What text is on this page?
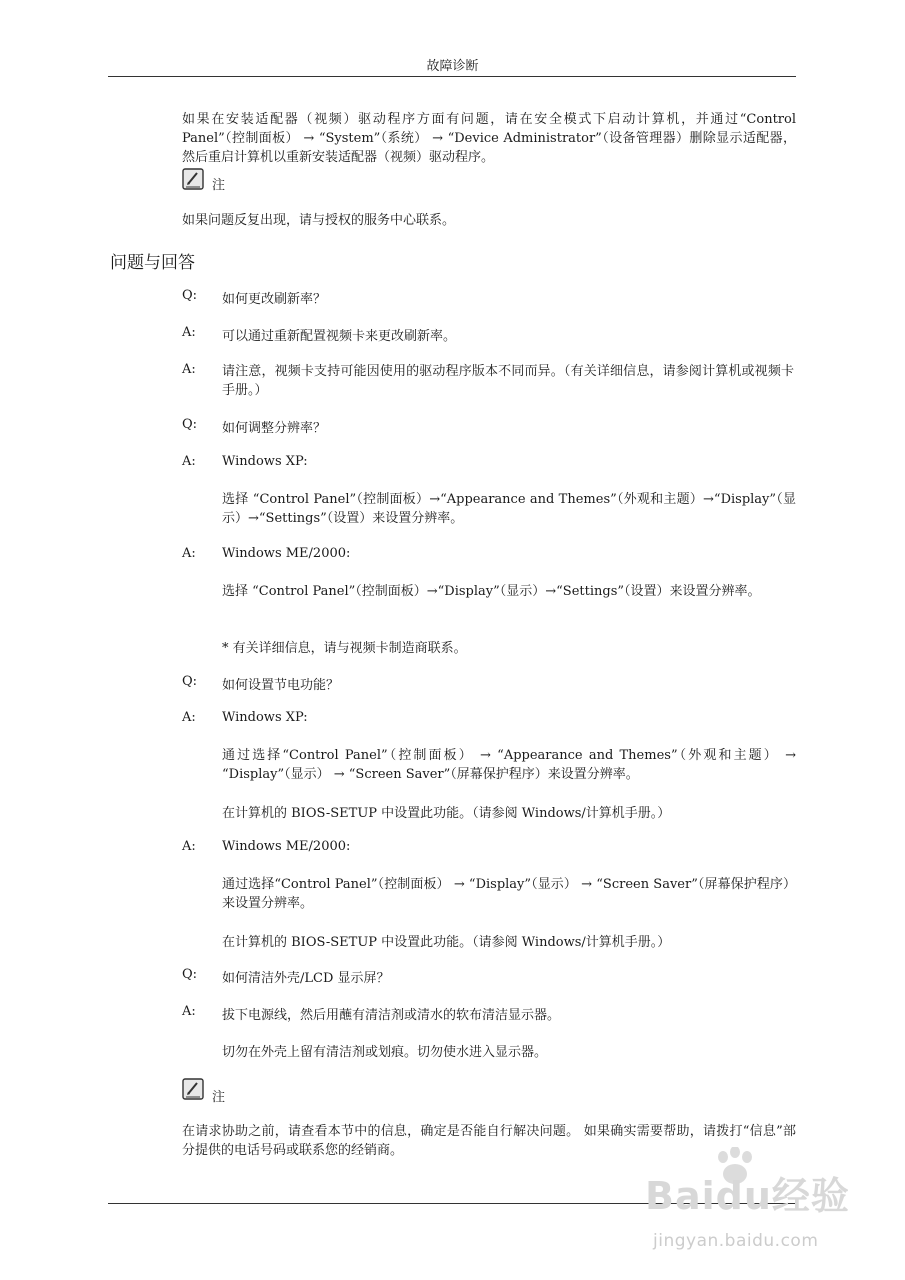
故障诊断
如果在安装适配器（视频）驱动程序方面有问题，请在安全模式下启动计算机，并通过“Control Panel”（控制面板） → “System”（系统） → “Device Administrator”（设备管理器）删除显示适配器，然后重启计算机以重新安装适配器（视频）驱动程序。
注
如果问题反复出现，请与授权的服务中心联系。
问题与回答
Q: 如何更改刷新率？
A: 可以通过重新配置视频卡来更改刷新率。
A: 请注意，视频卡支持可能因使用的驱动程序版本不同而异。（有关详细信息，请参阅计算机或视频卡手册。）
Q: 如何调整分辨率？
A: Windows XP:
选择 “Control Panel”（控制面板）→“Appearance and Themes”（外观和主题）→“Display”（显示）→“Settings”（设置）来设置分辨率。
A: Windows ME/2000:
选择 “Control Panel”（控制面板）→“Display”（显示）→“Settings”（设置）来设置分辨率。
* 有关详细信息，请与视频卡制造商联系。
Q: 如何设置节电功能？
A: Windows XP:
通过选择“Control Panel”（控制面板） → “Appearance and Themes”（外观和主题） → “Display”（显示） → “Screen Saver”（屏幕保护程序）来设置分辨率。
在计算机的 BIOS-SETUP 中设置此功能。（请参阅 Windows/计算机手册。）
A: Windows ME/2000:
通过选择“Control Panel”（控制面板） → “Display”（显示） → “Screen Saver”（屏幕保护程序）来设置分辨率。
在计算机的 BIOS-SETUP 中设置此功能。（请参阅 Windows/计算机手册。）
Q: 如何清洁外壳/LCD 显示屏？
A: 拔下电源线，然后用蘸有清洁剂或清水的软布清洁显示器。
切勿在外壳上留有清洁剂或划痕。切勿使水进入显示器。
注
在请求协助之前，请查看本节中的信息，确定是否能自行解决问题。 如果确实需要帮助，请拨打“信息”部分提供的电话号码或联系您的经销商。
Baidu经验
jingyan.baidu.com
